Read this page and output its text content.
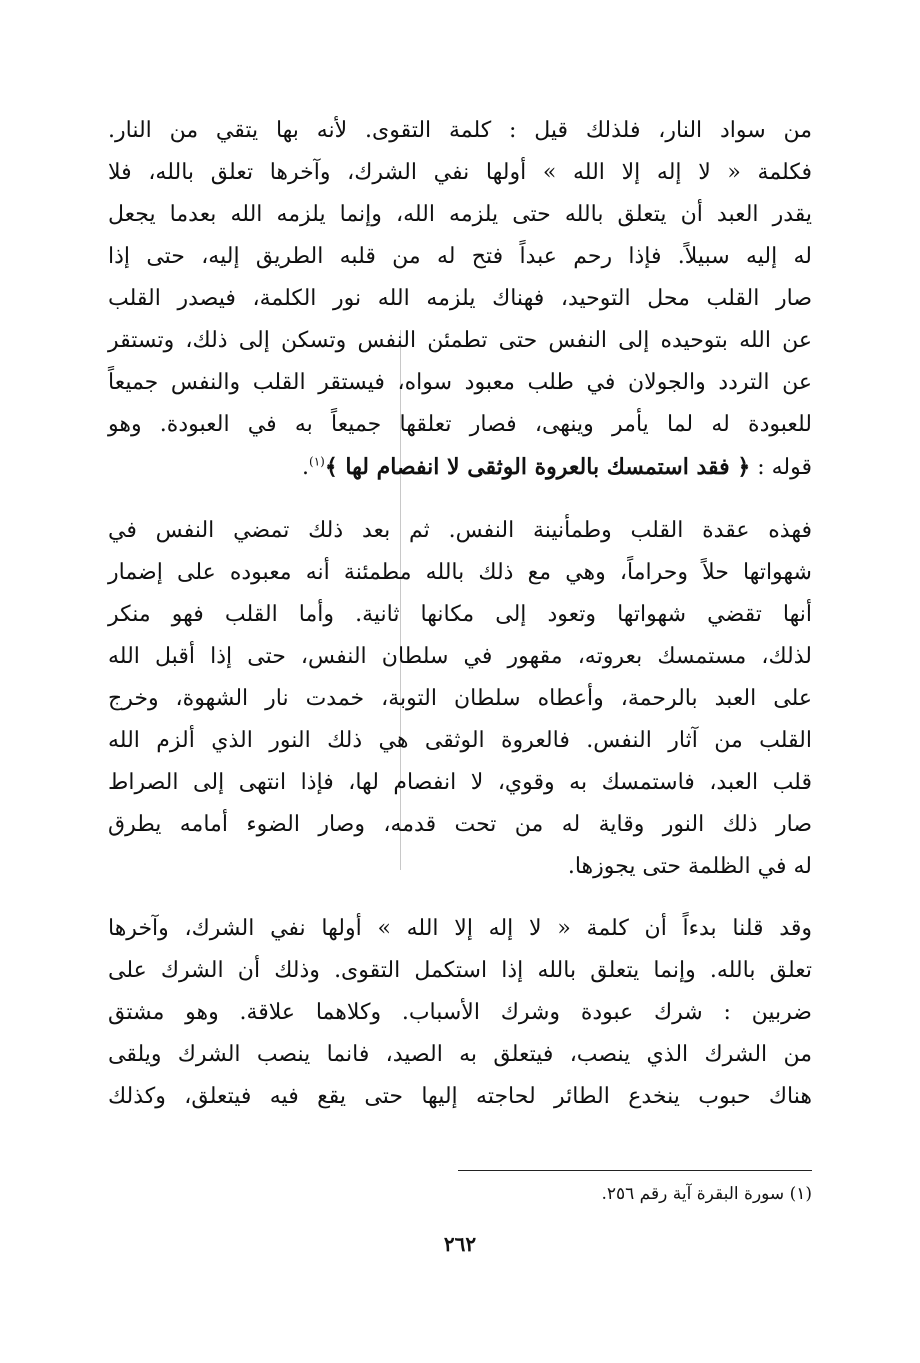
من سواد النار، فلذلك قيل : كلمة التقوى. لأنه بها يتقي من النار.
فكلمة « لا إله إلا الله » أولها نفي الشرك، وآخرها تعلق بالله، فلا
يقدر العبد أن يتعلق بالله حتى يلزمه الله، وإنما يلزمه الله بعدما يجعل
له إليه سبيلاً. فإذا رحم عبداً فتح له من قلبه الطريق إليه، حتى إذا
صار القلب محل التوحيد، فهناك يلزمه الله نور الكلمة، فيصدر القلب
عن الله بتوحيده إلى النفس حتى تطمئن النفس وتسكن إلى ذلك، وتستقر
عن التردد والجولان في طلب معبود سواه، فيستقر القلب والنفس جميعاً
للعبودة له لما يأمر وينهى، فصار تعلقها جميعاً به في العبودة. وهو
قوله : ﴿ فقد استمسك بالعروة الوثقى لا انفصام لها ﴾$^{(١)}$.
فهذه عقدة القلب وطمأنينة النفس. ثم بعد ذلك تمضي النفس في
شهواتها حلاً وحراماً، وهي مع ذلك بالله مطمئنة أنه معبوده على إضمار
أنها تقضي شهواتها وتعود إلى مكانها ثانية. وأما القلب فهو منكر
لذلك، مستمسك بعروته، مقهور في سلطان النفس، حتى إذا أقبل الله
على العبد بالرحمة، وأعطاه سلطان التوبة، خمدت نار الشهوة، وخرج
القلب من آثار النفس. فالعروة الوثقى هي ذلك النور الذي ألزم الله
قلب العبد، فاستمسك به وقوي، لا انفصام لها، فإذا انتهى إلى الصراط
صار ذلك النور وقاية له من تحت قدمه، وصار الضوء أمامه يطرق
له في الظلمة حتى يجوزها.
وقد قلنا بدءاً أن كلمة « لا إله إلا الله » أولها نفي الشرك، وآخرها
تعلق بالله. وإنما يتعلق بالله إذا استكمل التقوى. وذلك أن الشرك على
ضربين : شرك عبودة وشرك الأسباب. وكلاهما علاقة. وهو مشتق
من الشرك الذي ينصب، فيتعلق به الصيد، فانما ينصب الشرك ويلقى
هناك حبوب ينخدع الطائر لحاجته إليها حتى يقع فيه فيتعلق، وكذلك
(١) سورة البقرة آية رقم ٢٥٦.
٢٦٢
